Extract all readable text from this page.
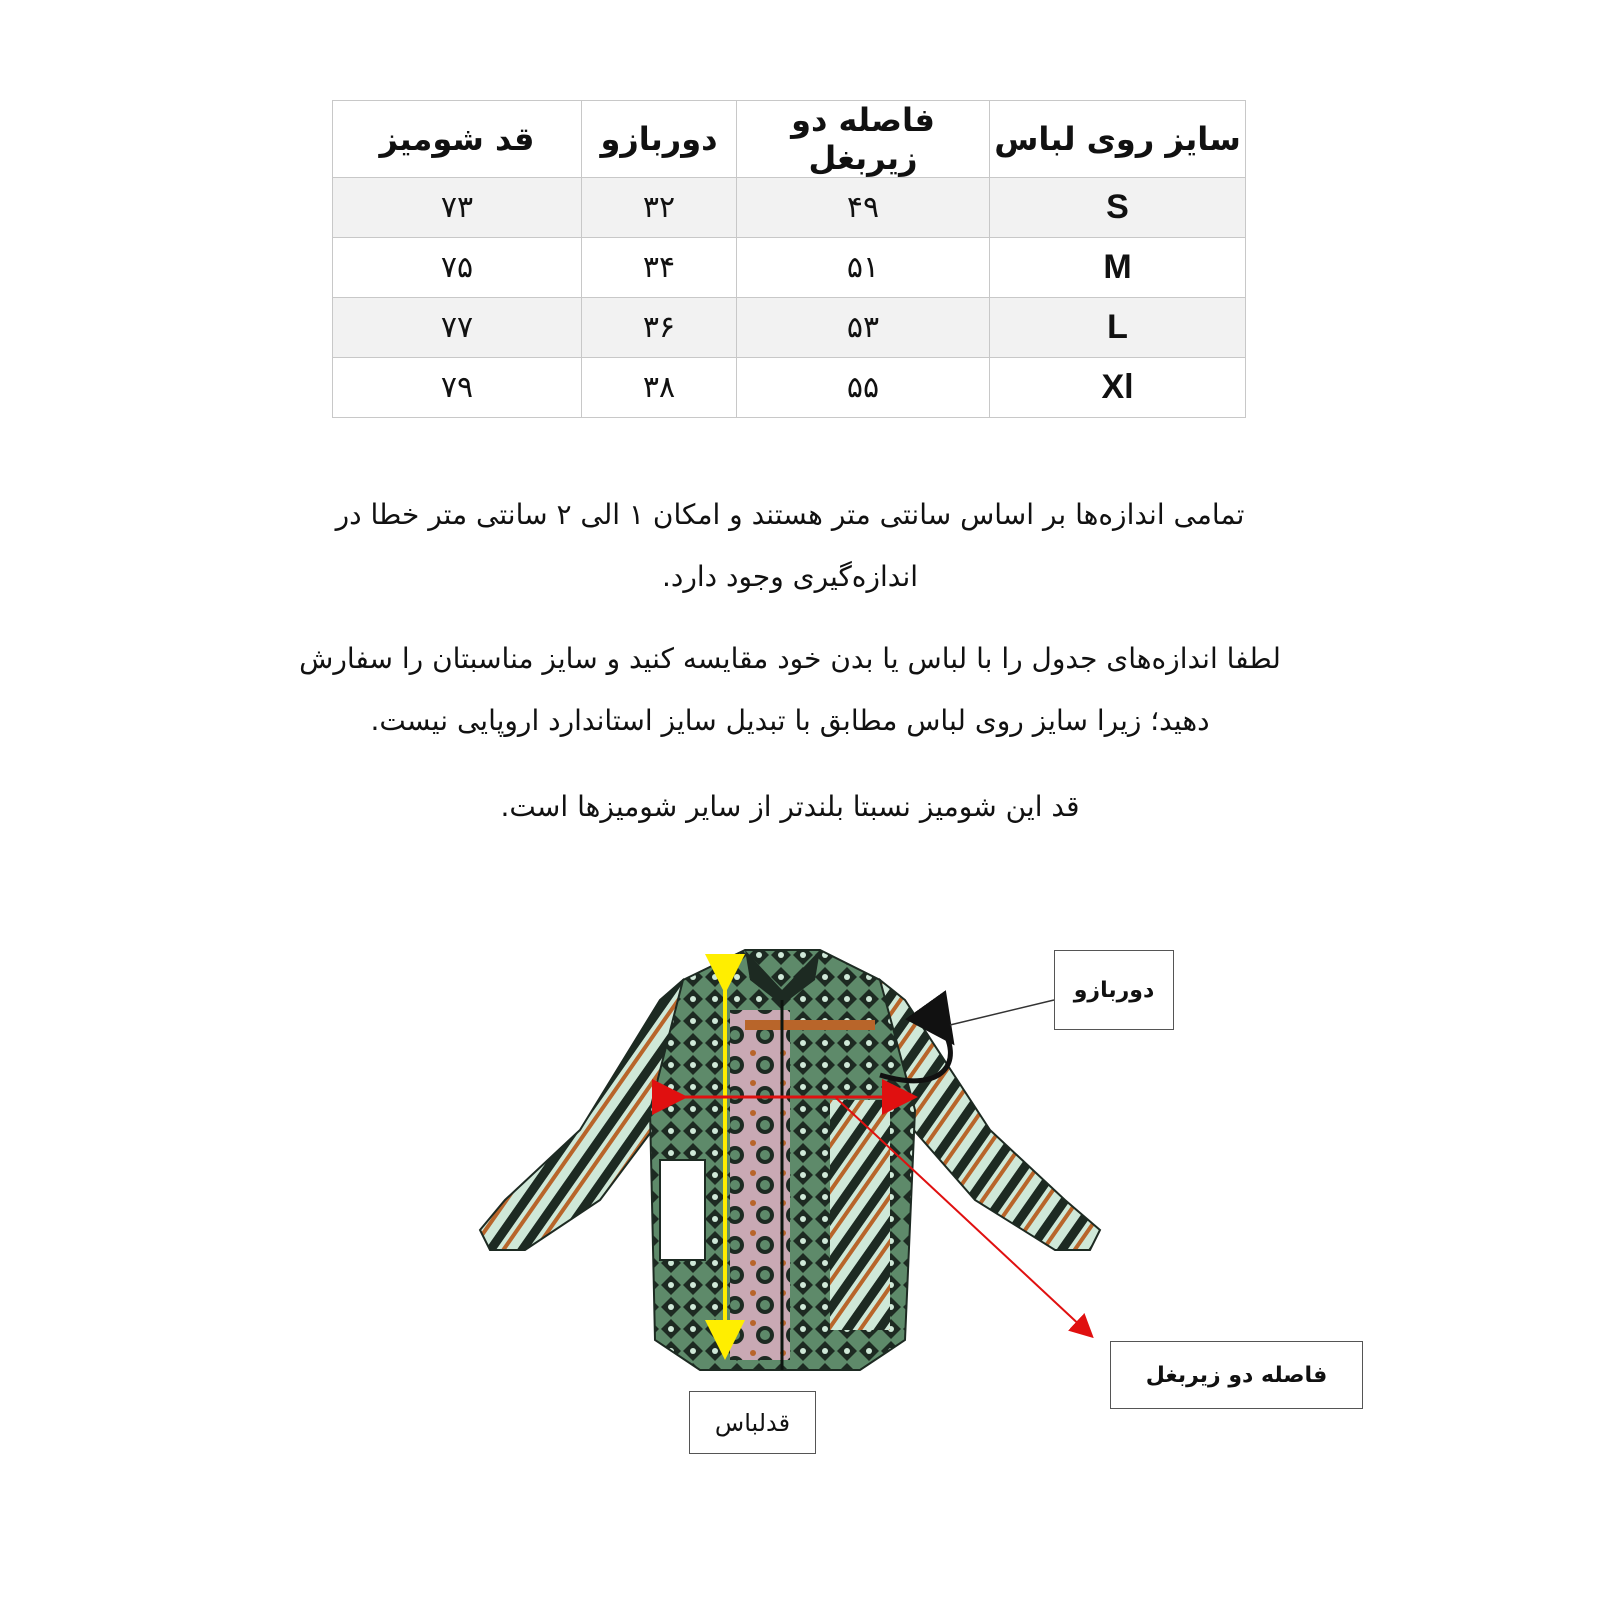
سایز روی لباس	فاصله دو زیربغل	دوربازو	قد شومیز
S	۴۹	۳۲	۷۳
M	۵۱	۳۴	۷۵
L	۵۳	۳۶	۷۷
Xl	۵۵	۳۸	۷۹

تمامی اندازه‌ها بر اساس سانتی متر هستند و امکان ۱ الی ۲ سانتی متر خطا در اندازه‌گیری وجود دارد.

لطفا اندازه‌های جدول را با لباس یا بدن خود مقایسه کنید و سایز مناسبتان را سفارش دهید؛ زیرا سایز روی لباس مطابق با تبدیل سایز استاندارد اروپایی نیست.

قد این شومیز نسبتا بلندتر از سایر شومیزها است.

دوربازو
فاصله دو زیربغل
قدلباس
